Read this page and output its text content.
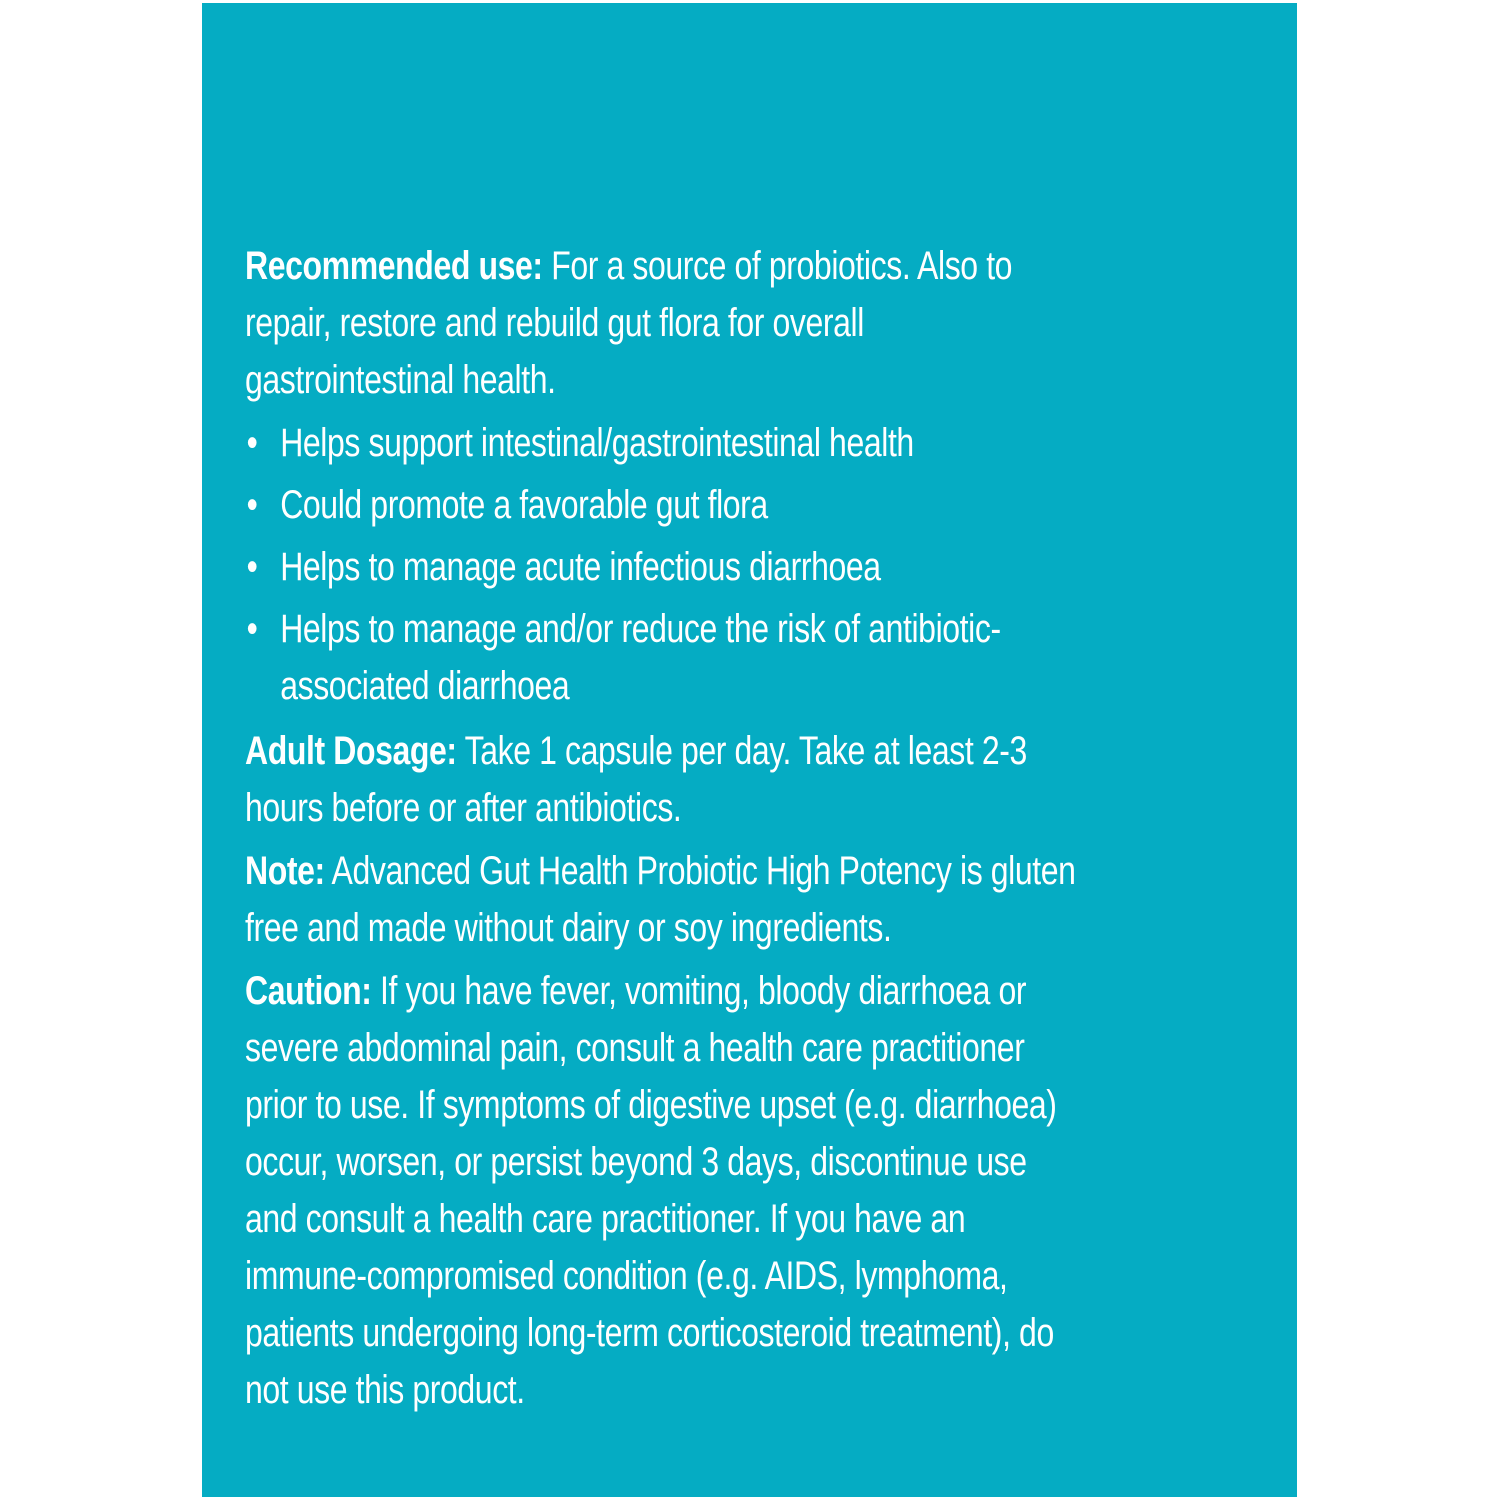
Recommended use: For a source of probiotics. Also to repair, restore and rebuild gut flora for overall gastrointestinal health.

• Helps support intestinal/gastrointestinal health
• Could promote a favorable gut flora
• Helps to manage acute infectious diarrhoea
• Helps to manage and/or reduce the risk of antibiotic-associated diarrhoea

Adult Dosage: Take 1 capsule per day. Take at least 2-3 hours before or after antibiotics.

Note: Advanced Gut Health Probiotic High Potency is gluten free and made without dairy or soy ingredients.

Caution: If you have fever, vomiting, bloody diarrhoea or severe abdominal pain, consult a health care practitioner prior to use. If symptoms of digestive upset (e.g. diarrhoea) occur, worsen, or persist beyond 3 days, discontinue use and consult a health care practitioner. If you have an immune-compromised condition (e.g. AIDS, lymphoma, patients undergoing long-term corticosteroid treatment), do not use this product.
